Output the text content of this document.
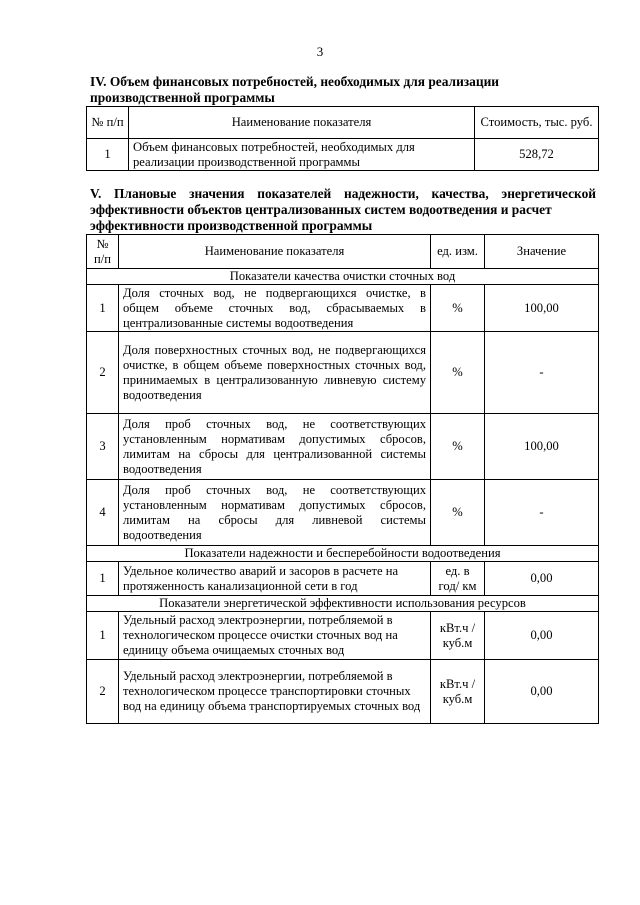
3
IV. Объем финансовых потребностей, необходимых для реализации
производственной программы
№ п/п	Наименование показателя	Стоимость, тыс. руб.
1	Объем финансовых потребностей, необходимых для реализации производственной программы	528,72
V. Плановые значения показателей надежности, качества, энергетической эффективности объектов централизованных систем водоотведения и расчет
эффективности производственной программы
№ п/п	Наименование показателя	ед. изм.	Значение
Показатели качества очистки сточных вод			
1	Доля сточных вод, не подвергающихся очистке, в общем объеме сточных вод, сбрасываемых в централизованные системы водоотведения	%	100,00
2	Доля поверхностных сточных вод, не подвергающихся очистке, в общем объеме поверхностных сточных вод, принимаемых в централизованную ливневую систему водоотведения	%	-
3	Доля проб сточных вод, не соответствующих установленным нормативам допустимых сбросов, лимитам на сбросы для централизованной системы водоотведения	%	100,00
4	Доля проб сточных вод, не соответствующих установленным нормативам допустимых сбросов, лимитам на сбросы для ливневой системы водоотведения	%	-
Показатели надежности и бесперебойности водоотведения			
1	Удельное количество аварий и засоров в расчете на протяженность канализационной сети в год	ед. в год/ км	0,00
Показатели энергетической эффективности использования ресурсов			
1	Удельный расход электроэнергии, потребляемой в технологическом процессе очистки сточных вод на единицу объема очищаемых сточных вод	кВт.ч / куб.м	0,00
2	Удельный расход электроэнергии, потребляемой в технологическом процессе транспортировки сточных вод на единицу объема транспортируемых сточных вод	кВт.ч / куб.м	0,00
